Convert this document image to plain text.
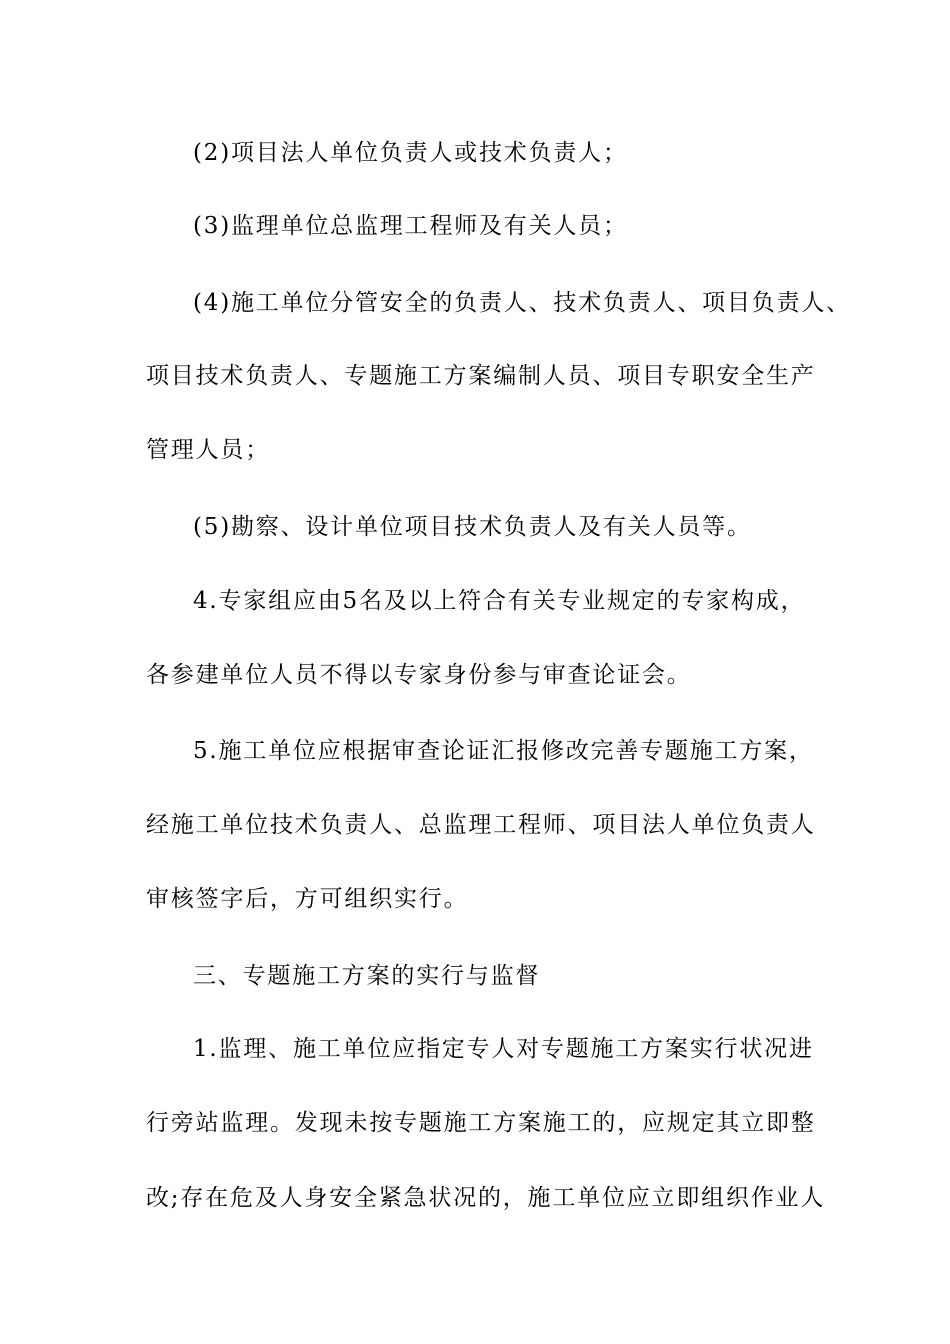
(2)项目法人单位负责人或技术负责人；
(3)监理单位总监理工程师及有关人员；
(4)施工单位分管安全的负责人、技术负责人、项目负责人、
项目技术负责人、专题施工方案编制人员、项目专职安全生产
管理人员；
(5)勘察、设计单位项目技术负责人及有关人员等。
4.专家组应由5名及以上符合有关专业规定的专家构成，
各参建单位人员不得以专家身份参与审查论证会。
5.施工单位应根据审查论证汇报修改完善专题施工方案，
经施工单位技术负责人、总监理工程师、项目法人单位负责人
审核签字后，方可组织实行。
三、专题施工方案的实行与监督
1.监理、施工单位应指定专人对专题施工方案实行状况进
行旁站监理。发现未按专题施工方案施工的，应规定其立即整
改;存在危及人身安全紧急状况的，施工单位应立即组织作业人
